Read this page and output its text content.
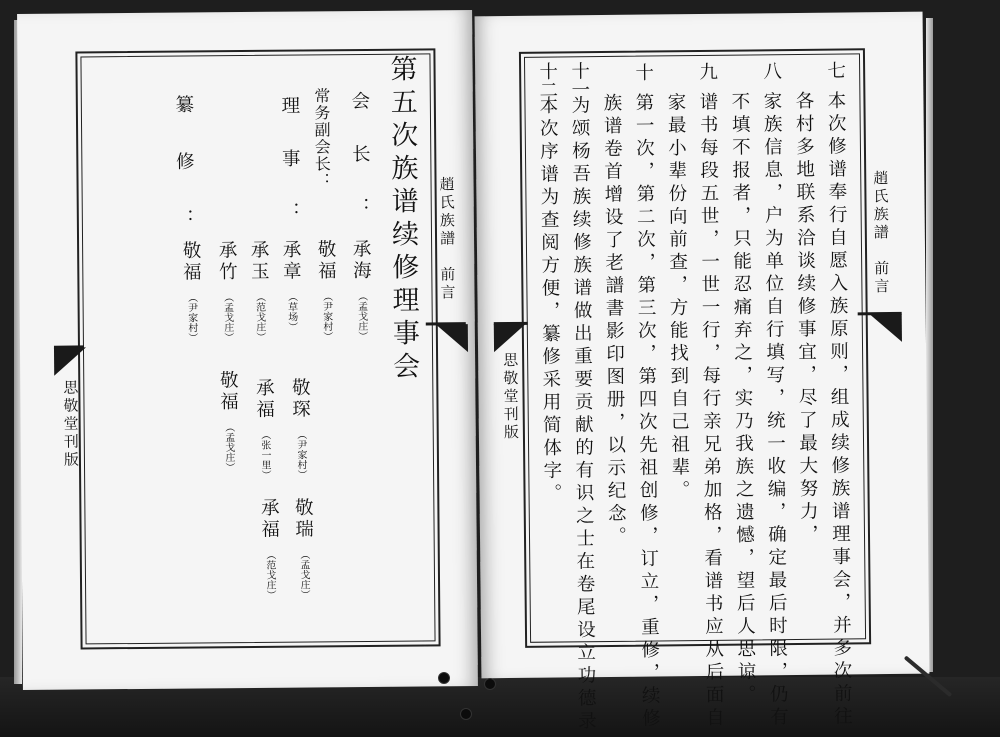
第五次族谱续修理事会
会　长　：
承海
（孟戈庄）
常务副会长：
敬福
（尹家村）
敬琛
（尹家村）
敬瑞
（孟戈庄）
理　事　：
承章
（草场）
承福
（张一里）
承福
（范戈庄）
承玉
（范戈庄）
敬福
（孟戈庄）
承竹
（孟戈庄）
纂　修　：
敬福
（尹家村）
趙氏族譜　前言
思敬堂刊版
趙氏族譜　前言
思敬堂刊版
七
本次修谱奉行自愿入族原则，组成续修族谱理事会，并多次前往
各村多地联系洽谈续修事宜，尽了最大努力，
八
家族信息，户为单位自行填写，统一收编，确定最后时限，仍有
不填不报者，只能忍痛弃之，实乃我族之遗憾，望后人思谅。
九
谱书每段五世，一世一行，每行亲兄弟加格，看谱书应从后面自
家最小辈份向前查，方能找到自己祖辈。
十
第一次，第二次，第三次，第四次先祖创修，订立，重修，续修
族谱卷首增设了老譜書影印图册，以示纪念。
十一
为颂杨吾族续修族谱做出重要贡献的有识之士在卷尾设立功德录
十二
本次序谱为查阅方便，纂修采用简体字。
